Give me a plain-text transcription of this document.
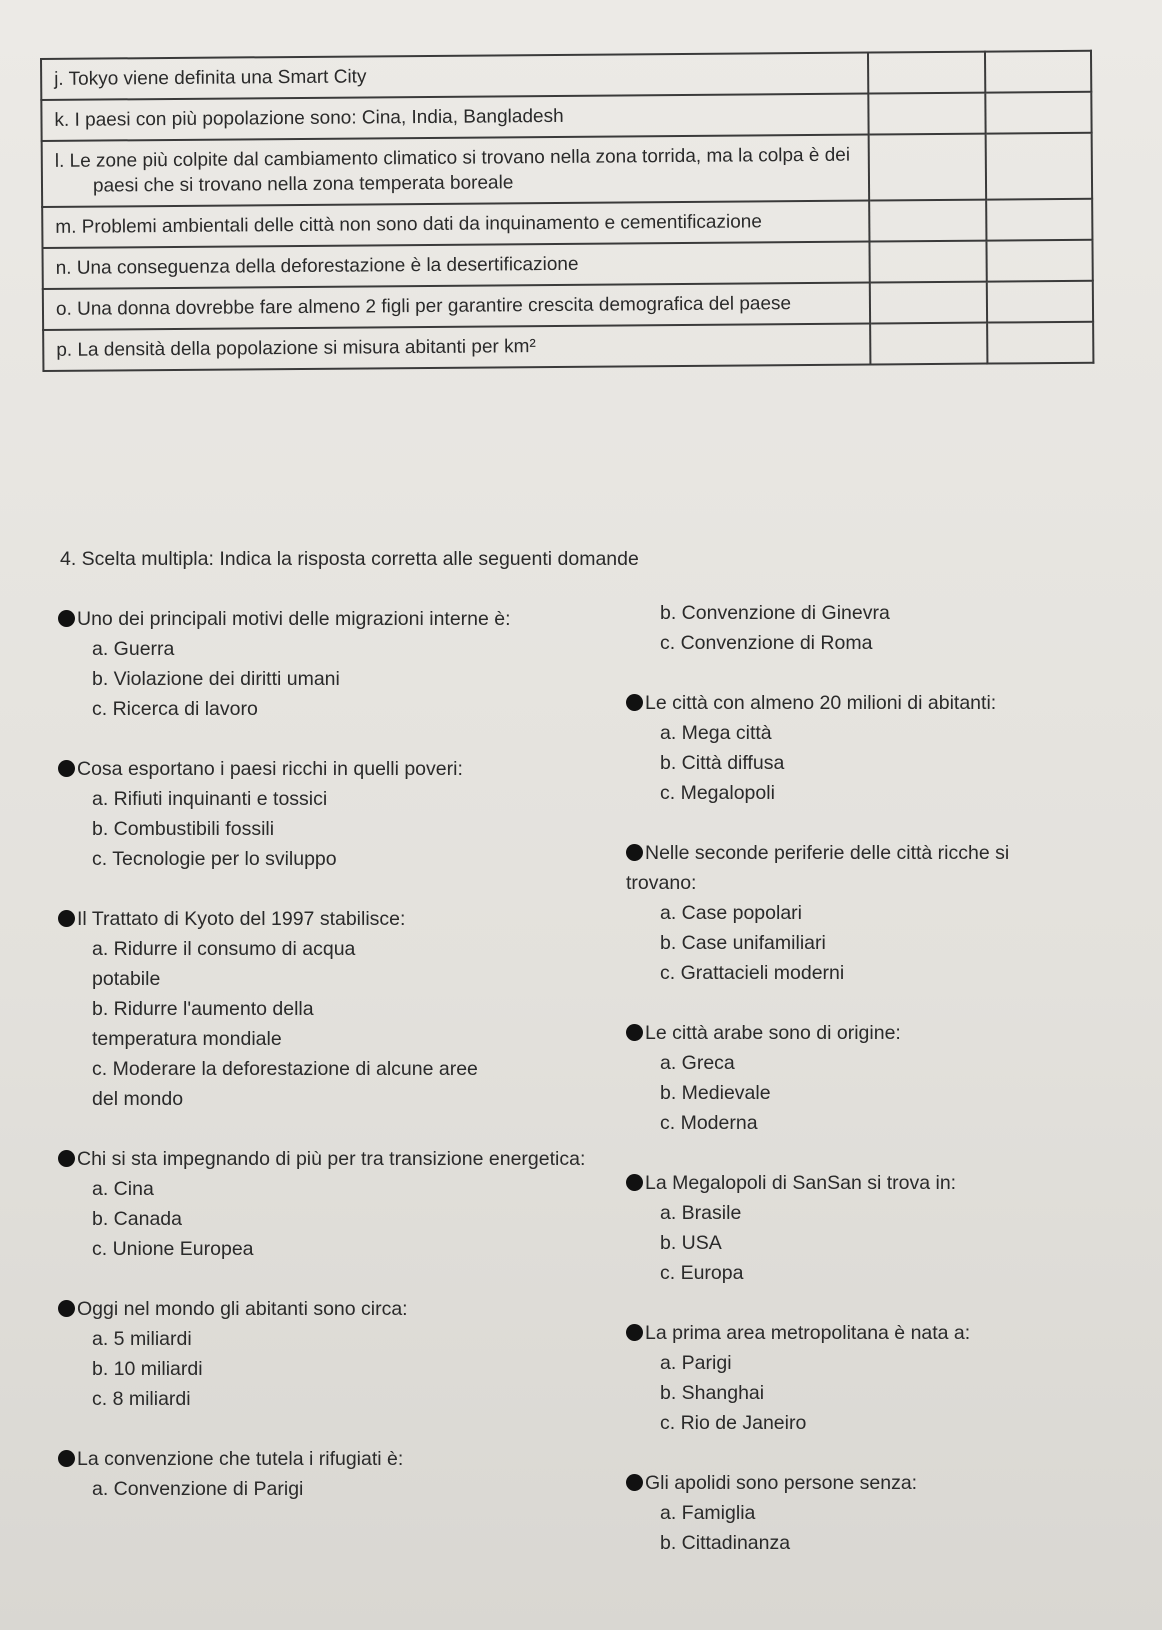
j. Tokyo viene definita una Smart City		
k. I paesi con più popolazione sono: Cina, India, Bangladesh		
l. Le zone più colpite dal cambiamento climatico si trovano nella zona torrida, ma la colpa è dei paesi che si trovano nella zona temperata boreale		
m. Problemi ambientali delle città non sono dati da inquinamento e cementificazione		
n. Una conseguenza della deforestazione è la desertificazione		
o. Una donna dovrebbe fare almeno 2 figli per garantire crescita demografica del paese		
p. La densità della popolazione si misura abitanti per km²		
4. Scelta multipla: Indica la risposta corretta alle seguenti domande
Uno dei principali motivi delle migrazioni interne è:
a. Guerra
b. Violazione dei diritti umani
c. Ricerca di lavoro
Cosa esportano i paesi ricchi in quelli poveri:
a. Rifiuti inquinanti e tossici
b. Combustibili fossili
c. Tecnologie per lo sviluppo
Il Trattato di Kyoto del 1997 stabilisce:
a. Ridurre il consumo di acqua potabile
b. Ridurre l'aumento della temperatura mondiale
c. Moderare la deforestazione di alcune aree del mondo
Chi si sta impegnando di più per tra transizione energetica:
a. Cina
b. Canada
c. Unione Europea
Oggi nel mondo gli abitanti sono circa:
a. 5 miliardi
b. 10 miliardi
c. 8 miliardi
La convenzione che tutela i rifugiati è:
a. Convenzione di Parigi
b. Convenzione di Ginevra
c. Convenzione di Roma
Le città con almeno 20 milioni di abitanti:
a. Mega città
b. Città diffusa
c. Megalopoli
Nelle seconde periferie delle città ricche si trovano:
a. Case popolari
b. Case unifamiliari
c. Grattacieli moderni
Le città arabe sono di origine:
a. Greca
b. Medievale
c. Moderna
La Megalopoli di SanSan si trova in:
a. Brasile
b. USA
c. Europa
La prima area metropolitana è nata a:
a. Parigi
b. Shanghai
c. Rio de Janeiro
Gli apolidi sono persone senza:
a. Famiglia
b. Cittadinanza
